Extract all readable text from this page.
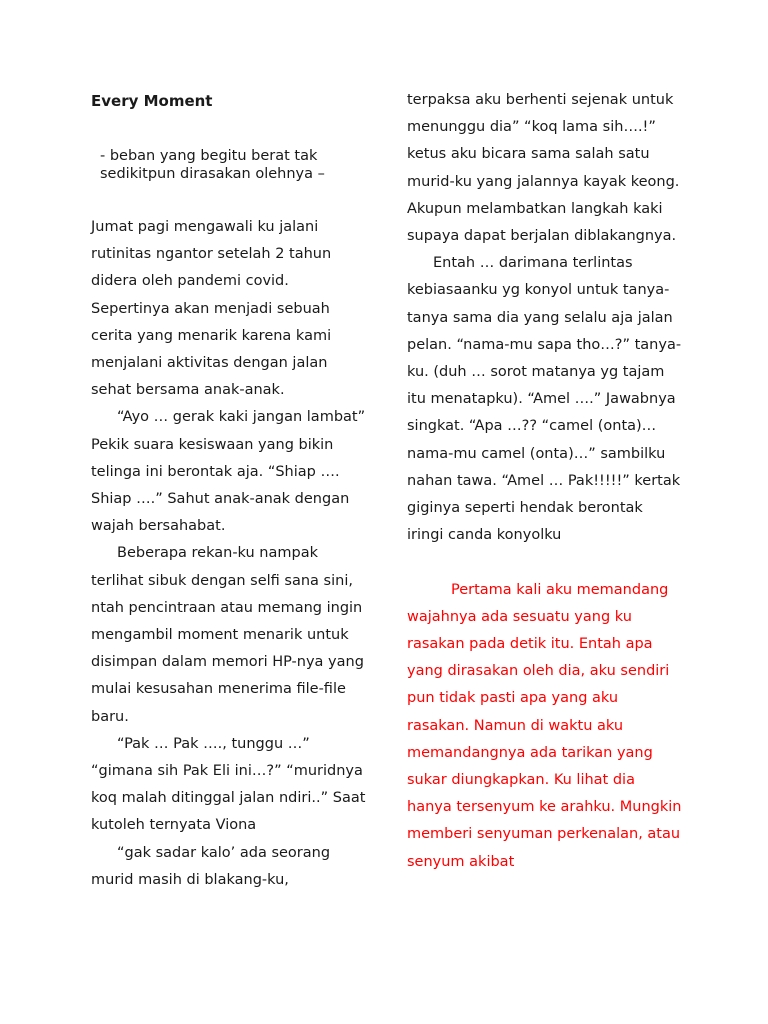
Every Moment

- beban yang begitu berat tak sedikitpun dirasakan olehnya –

Jumat pagi mengawali ku jalani rutinitas ngantor setelah 2 tahun didera oleh pandemi covid. Sepertinya akan menjadi sebuah cerita yang menarik karena kami menjalani aktivitas dengan jalan sehat bersama anak-anak.

“Ayo … gerak kaki jangan lambat” Pekik suara kesiswaan yang bikin telinga ini berontak aja. “Shiap …. Shiap ….” Sahut anak-anak dengan wajah bersahabat.

Beberapa rekan-ku nampak terlihat sibuk dengan selfi sana sini, ntah pencintraan atau memang ingin mengambil moment menarik untuk disimpan dalam memori HP-nya yang mulai kesusahan menerima file-file baru.

“Pak … Pak …., tunggu …” “gimana sih Pak Eli ini…?” “muridnya koq malah ditinggal jalan ndiri..” Saat kutoleh ternyata Viona

“gak sadar kalo’ ada seorang murid masih di blakang-ku,

terpaksa aku berhenti sejenak untuk menunggu dia” “koq lama sih….!” ketus aku bicara sama salah satu murid-ku yang jalannya kayak keong. Akupun melambatkan langkah kaki supaya dapat berjalan diblakangnya.

Entah … darimana terlintas kebiasaanku yg konyol untuk tanya-tanya sama dia yang selalu aja jalan pelan. “nama-mu sapa tho…?” tanya-ku. (duh … sorot matanya yg tajam itu menatapku). “Amel ….” Jawabnya singkat. “Apa …?? “camel (onta)… nama-mu camel (onta)…” sambilku nahan tawa. “Amel … Pak!!!!!” kertak giginya seperti hendak berontak iringi canda konyolku

Pertama kali aku memandang wajahnya ada sesuatu yang ku rasakan pada detik itu. Entah apa yang dirasakan oleh dia, aku sendiri pun tidak pasti apa yang aku rasakan. Namun di waktu aku memandangnya ada tarikan yang sukar diungkapkan. Ku lihat dia hanya tersenyum ke arahku. Mungkin memberi senyuman perkenalan, atau senyum akibat
